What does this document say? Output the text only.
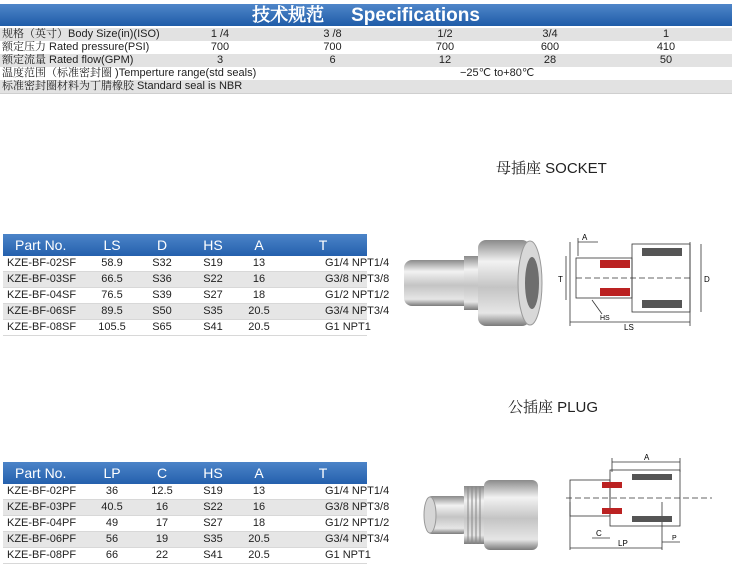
技术规范 Specifications
规格（英寸）Body Size(in)(ISO)	1 /4	3 /8	1/2	3/4	1
额定压力 Rated pressure(PSI)	700	700	700	600	410
额定流量 Rated flow(GPM)	3	6	12	28	50
温度范围（标准密封圈 )Temperture range(std seals)			−25℃ to+80℃		
标准密封圈材料为丁腈橡胶 Standard seal is NBR					
母插座 SOCKET
Part No.	LS	D	HS	A	T
KZE-BF-02SF	58.9	S32	S19	13	G1/4 NPT1/4
KZE-BF-03SF	66.5	S36	S22	16	G3/8 NPT3/8
KZE-BF-04SF	76.5	S39	S27	18	G1/2 NPT1/2
KZE-BF-06SF	89.5	S50	S35	20.5	G3/4 NPT3/4
KZE-BF-08SF	105.5	S65	S41	20.5	G1 NPT1
A
T	D
HS
LS
公插座 PLUG
Part No.	LP	C	HS	A	T
KZE-BF-02PF	36	12.5	S19	13	G1/4 NPT1/4
KZE-BF-03PF	40.5	16	S22	16	G3/8 NPT3/8
KZE-BF-04PF	49	17	S27	18	G1/2 NPT1/2
KZE-BF-06PF	56	19	S35	20.5	G3/4 NPT3/4
KZE-BF-08PF	66	22	S41	20.5	G1 NPT1
A
C
LP
P
